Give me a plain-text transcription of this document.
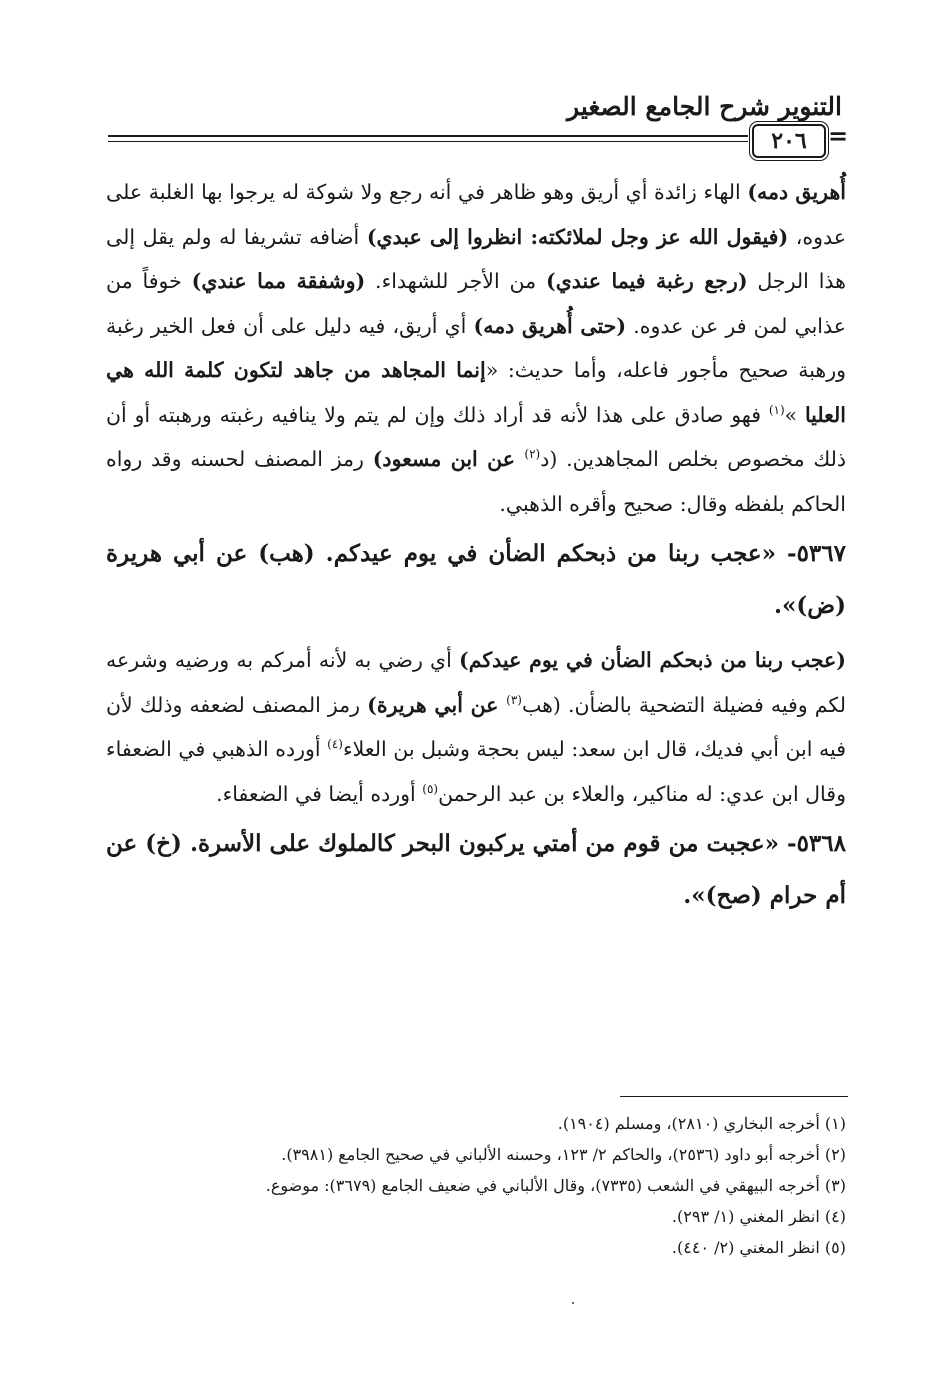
التنوير شرح الجامع الصغير
٢٠٦ =

أُهريق دمه) الهاء زائدة أي أريق وهو ظاهر في أنه رجع ولا شوكة له يرجوا بها الغلبة على عدوه، (فيقول الله عز وجل لملائكته: انظروا إلى عبدي) أضافه تشريفا له ولم يقل إلى هذا الرجل (رجع رغبة فيما عندي) من الأجر للشهداء. (وشفقة مما عندي) خوفاً من عذابي لمن فر عن عدوه. (حتى أُهريق دمه) أي أريق، فيه دليل على أن فعل الخير رغبة ورهبة صحيح مأجور فاعله، وأما حديث: «إنما المجاهد من جاهد لتكون كلمة الله هي العليا »$^{(١)}$ فهو صادق على هذا لأنه قد أراد ذلك وإن لم يتم ولا ينافيه رغبته ورهبته أو أن ذلك مخصوص بخلص المجاهدين. (د$^{(٢)}$ عن ابن مسعود) رمز المصنف لحسنه وقد رواه الحاكم بلفظه وقال: صحيح وأقره الذهبي.

٥٣٦٧- «عجب ربنا من ذبحكم الضأن في يوم عيدكم. (هب) عن أبي هريرة (ض)».

(عجب ربنا من ذبحكم الضأن في يوم عيدكم) أي رضي به لأنه أمركم به ورضيه وشرعه لكم وفيه فضيلة التضحية بالضأن. (هب$^{(٣)}$ عن أبي هريرة) رمز المصنف لضعفه وذلك لأن فيه ابن أبي فديك، قال ابن سعد: ليس بحجة وشبل بن العلاء$^{(٤)}$ أورده الذهبي في الضعفاء وقال ابن عدي: له مناكير، والعلاء بن عبد الرحمن$^{(٥)}$ أورده أيضا في الضعفاء.

٥٣٦٨- «عجبت من قوم من أمتي يركبون البحر كالملوك على الأسرة. (خ) عن أم حرام (صح)».

(١) أخرجه البخاري (٢٨١٠)، ومسلم (١٩٠٤).
(٢) أخرجه أبو داود (٢٥٣٦)، والحاكم ٢/ ١٢٣، وحسنه الألباني في صحيح الجامع (٣٩٨١).
(٣) أخرجه البيهقي في الشعب (٧٣٣٥)، وقال الألباني في ضعيف الجامع (٣٦٧٩): موضوع.
(٤) انظر المغني (١/ ٢٩٣).
(٥) انظر المغني (٢/ ٤٤٠).
